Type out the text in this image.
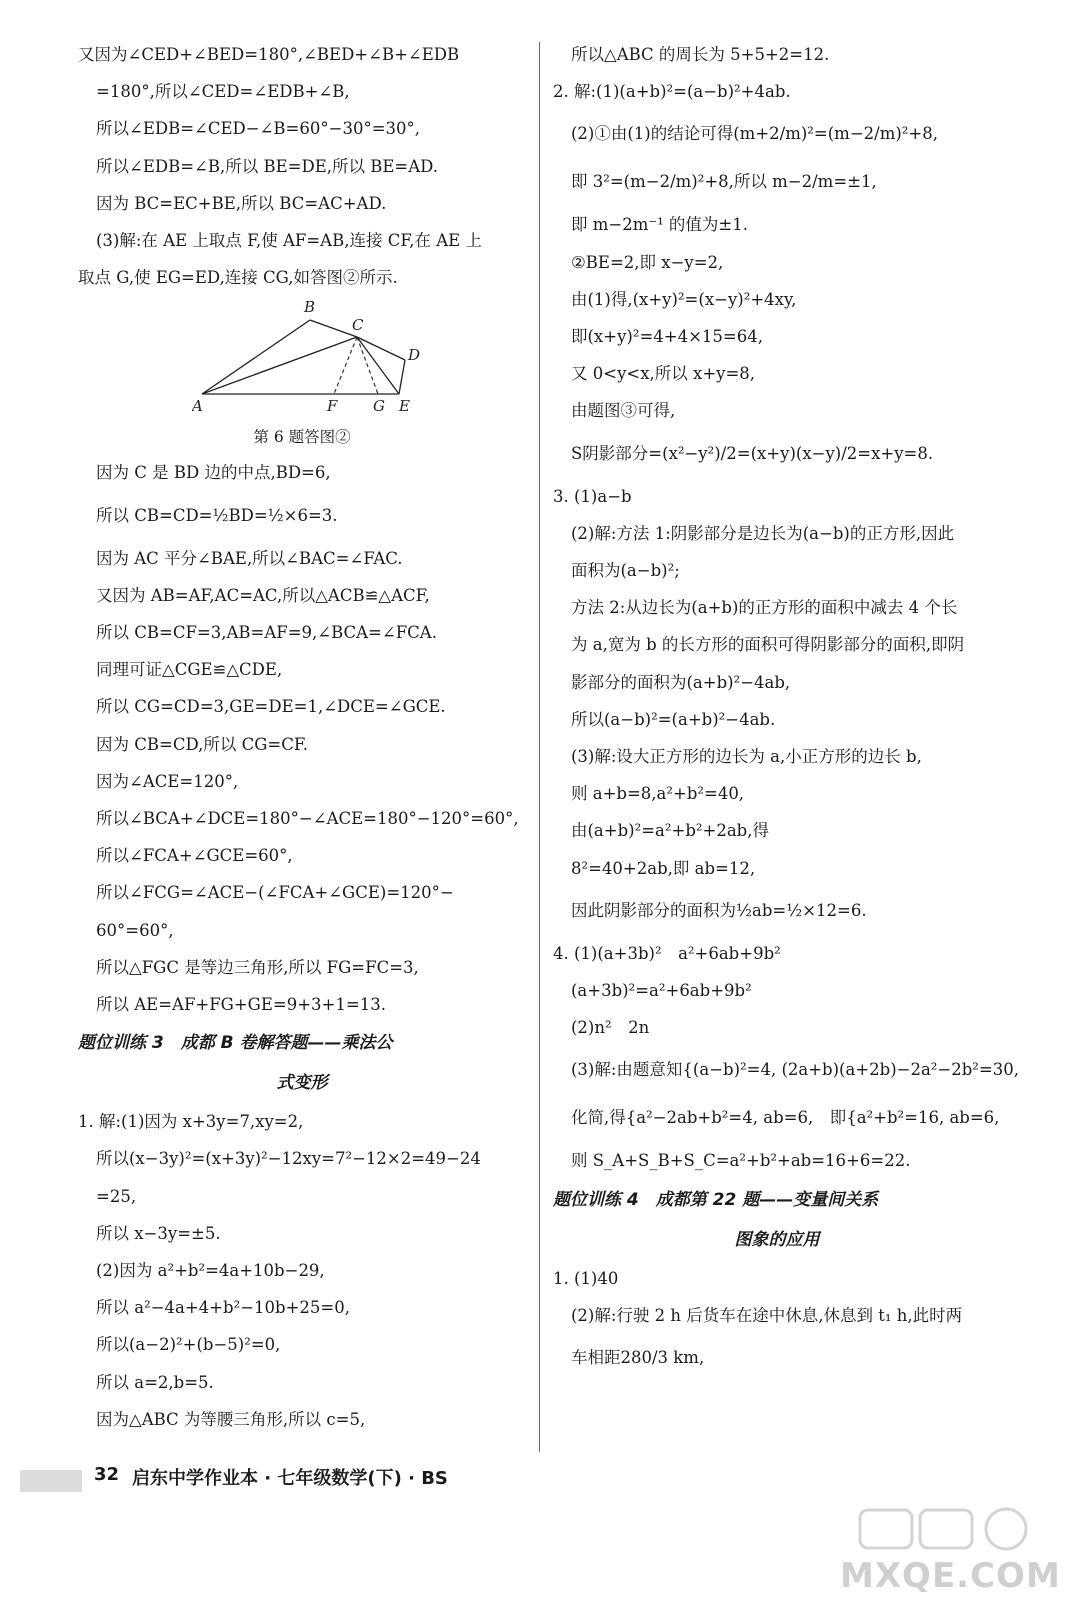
又因为∠CED+∠BED=180°,∠BED+∠B+∠EDB
=180°,所以∠CED=∠EDB+∠B,
所以∠EDB=∠CED−∠B=60°−30°=30°,
所以∠EDB=∠B,所以 BE=DE,所以 BE=AD.
因为 BC=EC+BE,所以 BC=AC+AD.
(3)解:在 AE 上取点 F,使 AF=AB,连接 CF,在 AE 上
取点 G,使 EG=ED,连接 CG,如答图②所示.
A
B
C
D
E
F G
第 6 题答图②
因为 C 是 BD 边的中点,BD=6,
所以 CB=CD=½BD=½×6=3.
因为 AC 平分∠BAE,所以∠BAC=∠FAC.
又因为 AB=AF,AC=AC,所以△ACB≌△ACF,
所以 CB=CF=3,AB=AF=9,∠BCA=∠FCA.
同理可证△CGE≌△CDE,
所以 CG=CD=3,GE=DE=1,∠DCE=∠GCE.
因为 CB=CD,所以 CG=CF.
因为∠ACE=120°,
所以∠BCA+∠DCE=180°−∠ACE=180°−120°=60°,
所以∠FCA+∠GCE=60°,
所以∠FCG=∠ACE−(∠FCA+∠GCE)=120°−
60°=60°,
所以△FGC 是等边三角形,所以 FG=FC=3,
所以 AE=AF+FG+GE=9+3+1=13.
题位训练 3　成都 B 卷解答题——乘法公
式变形
1. 解:(1)因为 x+3y=7,xy=2,
所以(x−3y)²=(x+3y)²−12xy=7²−12×2=49−24
=25,
所以 x−3y=±5.
(2)因为 a²+b²=4a+10b−29,
所以 a²−4a+4+b²−10b+25=0,
所以(a−2)²+(b−5)²=0,
所以 a=2,b=5.
因为△ABC 为等腰三角形,所以 c=5,
所以△ABC 的周长为 5+5+2=12.
2. 解:(1)(a+b)²=(a−b)²+4ab.
(2)①由(1)的结论可得(m+2/m)²=(m−2/m)²+8,
即 3²=(m−2/m)²+8,所以 m−2/m=±1,
即 m−2m⁻¹ 的值为±1.
②BE=2,即 x−y=2,
由(1)得,(x+y)²=(x−y)²+4xy,
即(x+y)²=4+4×15=64,
又 0<y<x,所以 x+y=8,
由题图③可得,
S阴影部分=(x²−y²)/2=(x+y)(x−y)/2=x+y=8.
3. (1)a−b
(2)解:方法 1:阴影部分是边长为(a−b)的正方形,因此
面积为(a−b)²;
方法 2:从边长为(a+b)的正方形的面积中减去 4 个长
为 a,宽为 b 的长方形的面积可得阴影部分的面积,即阴
影部分的面积为(a+b)²−4ab,
所以(a−b)²=(a+b)²−4ab.
(3)解:设大正方形的边长为 a,小正方形的边长 b,
则 a+b=8,a²+b²=40,
由(a+b)²=a²+b²+2ab,得
8²=40+2ab,即 ab=12,
因此阴影部分的面积为½ab=½×12=6.
4. (1)(a+3b)²　a²+6ab+9b²
(a+3b)²=a²+6ab+9b²
(2)n²　2n
(3)解:由题意知{(a−b)²=4, (2a+b)(a+2b)−2a²−2b²=30,
化简,得{a²−2ab+b²=4, ab=6,　即{a²+b²=16, ab=6,
则 S_A+S_B+S_C=a²+b²+ab=16+6=22.
题位训练 4　成都第 22 题——变量间关系
图象的应用
1. (1)40
(2)解:行驶 2 h 后货车在途中休息,休息到 t₁ h,此时两
车相距280/3 km,
32 启东中学作业本 · 七年级数学(下) · BS
MXQE.COM
